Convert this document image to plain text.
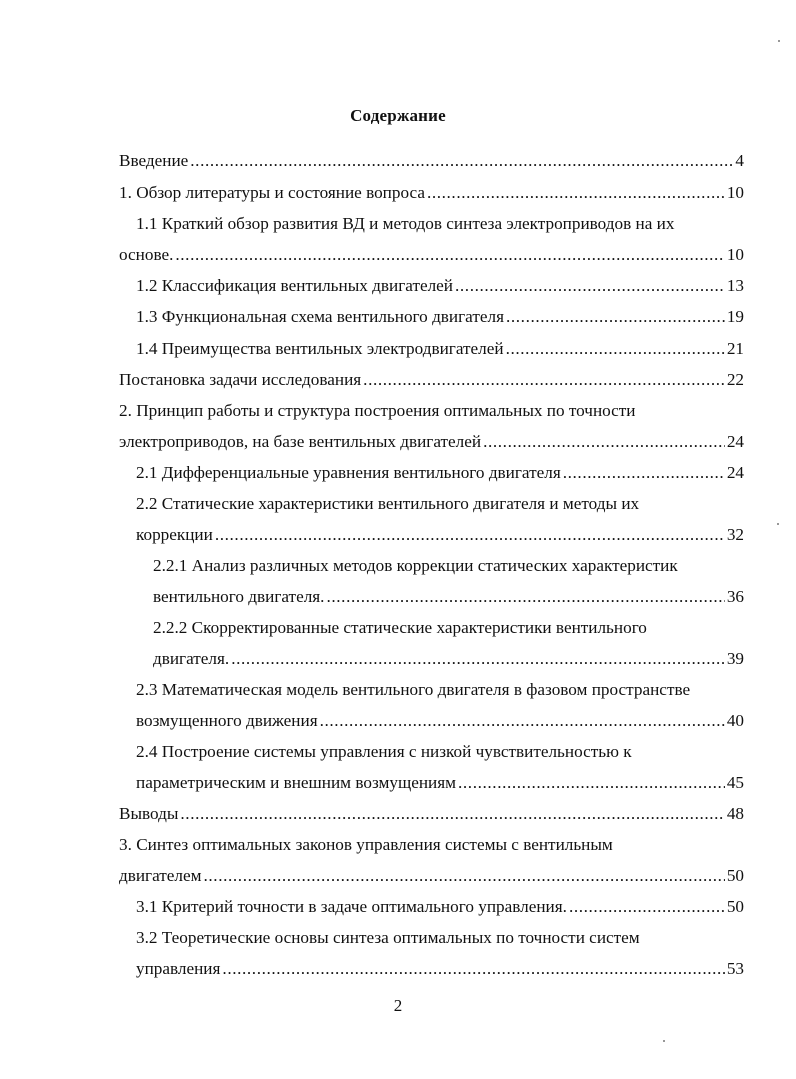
Содержание
Введение .....	4
1. Обзор литературы и состояние вопроса .....	10
1.1 Краткий обзор развития ВД и методов синтеза электроприводов на их
основе. .....	10
1.2 Классификация вентильных двигателей .....	13
1.3 Функциональная схема вентильного двигателя .....	19
1.4 Преимущества вентильных электродвигателей .....	21
Постановка задачи исследования .....	22
2. Принцип работы и структура построения оптимальных по точности
электроприводов, на базе вентильных двигателей .....	24
2.1 Дифференциальные уравнения вентильного двигателя .....	24
2.2 Статические характеристики вентильного двигателя и методы их
коррекции .....	32
2.2.1 Анализ различных методов коррекции статических характеристик
вентильного двигателя. .....	36
2.2.2 Скорректированные статические характеристики вентильного
двигателя. .....	39
2.3 Математическая модель вентильного двигателя в фазовом пространстве
возмущенного движения .....	40
2.4 Построение системы управления с низкой чувствительностью к
параметрическим и внешним возмущениям .....	45
Выводы .....	48
3. Синтез оптимальных законов управления системы с вентильным
двигателем .....	50
3.1 Критерий точности в задаче оптимального управления. .....	50
3.2 Теоретические основы синтеза оптимальных по точности систем
управления .....	53
2
